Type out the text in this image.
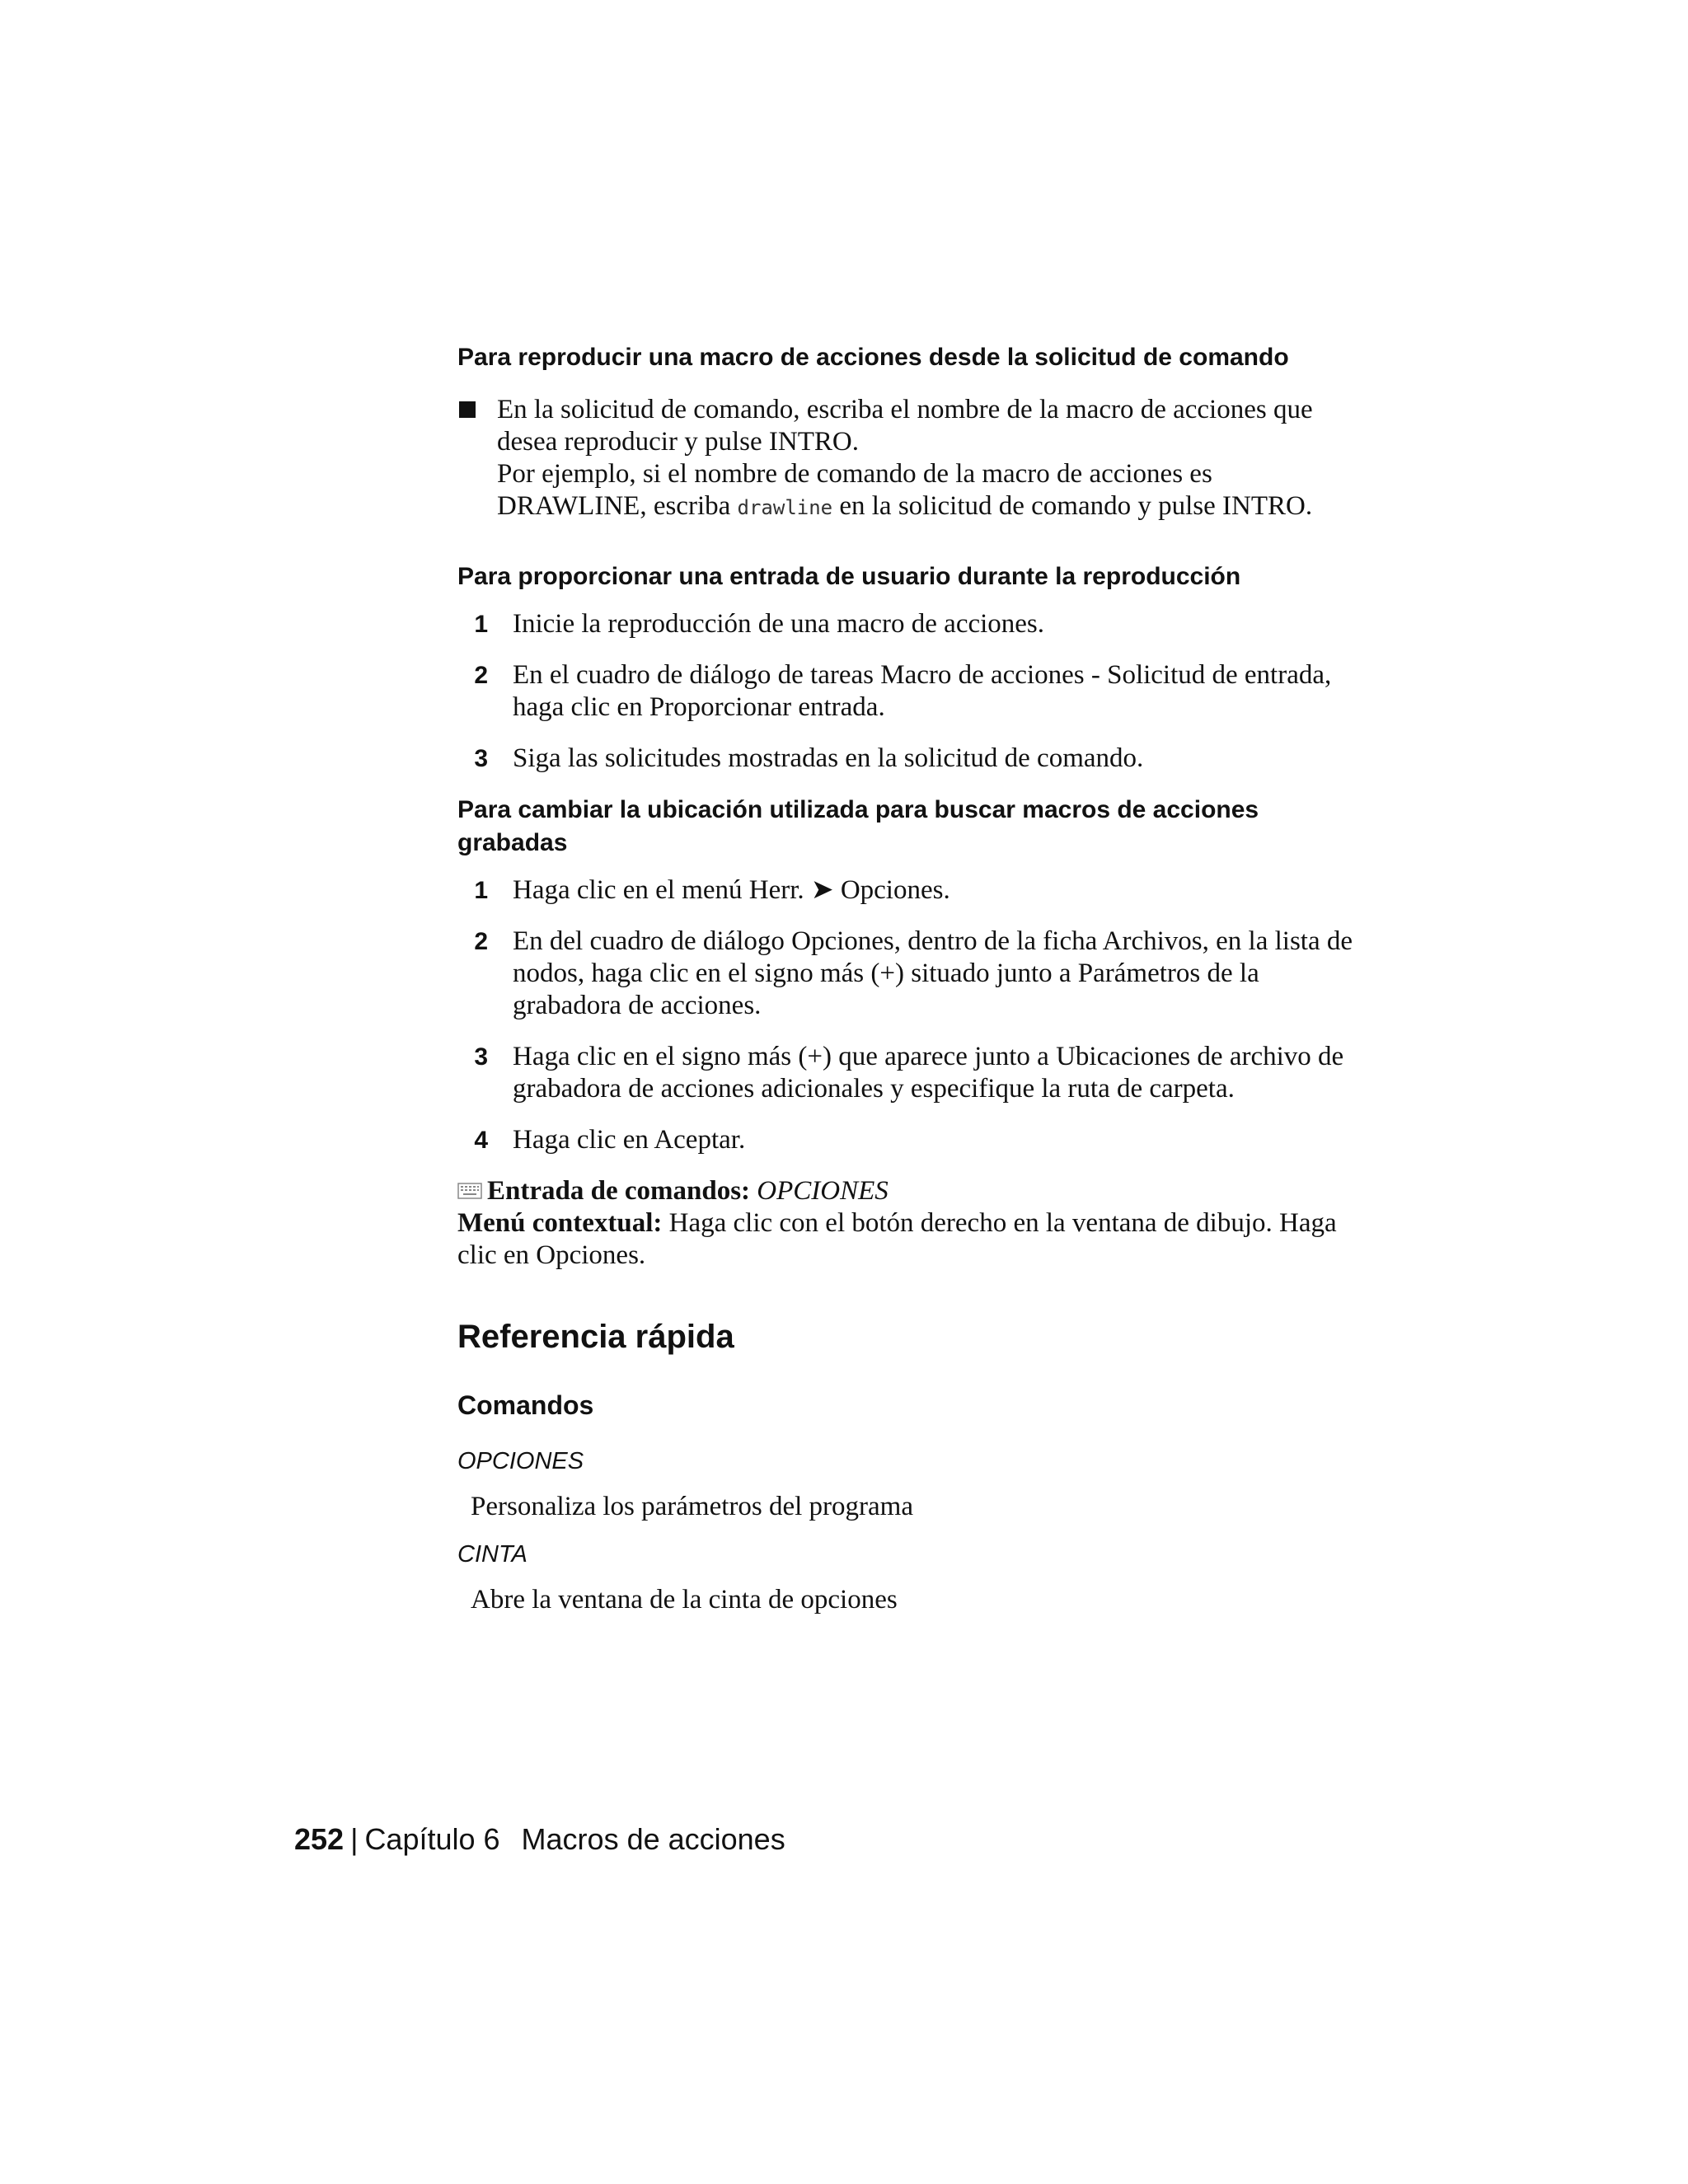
Para reproducir una macro de acciones desde la solicitud de comando
En la solicitud de comando, escriba el nombre de la macro de acciones que desea reproducir y pulse INTRO.
Por ejemplo, si el nombre de comando de la macro de acciones es DRAWLINE, escriba drawline en la solicitud de comando y pulse INTRO.
Para proporcionar una entrada de usuario durante la reproducción
1 Inicie la reproducción de una macro de acciones.
2 En el cuadro de diálogo de tareas Macro de acciones - Solicitud de entrada, haga clic en Proporcionar entrada.
3 Siga las solicitudes mostradas en la solicitud de comando.
Para cambiar la ubicación utilizada para buscar macros de acciones grabadas
1 Haga clic en el menú Herr. ➤ Opciones.
2 En del cuadro de diálogo Opciones, dentro de la ficha Archivos, en la lista de nodos, haga clic en el signo más (+) situado junto a Parámetros de la grabadora de acciones.
3 Haga clic en el signo más (+) que aparece junto a Ubicaciones de archivo de grabadora de acciones adicionales y especifique la ruta de carpeta.
4 Haga clic en Aceptar.
Entrada de comandos: OPCIONES
Menú contextual: Haga clic con el botón derecho en la ventana de dibujo. Haga clic en Opciones.
Referencia rápida
Comandos
OPCIONES
Personaliza los parámetros del programa
CINTA
Abre la ventana de la cinta de opciones
252 | Capítulo 6 Macros de acciones
